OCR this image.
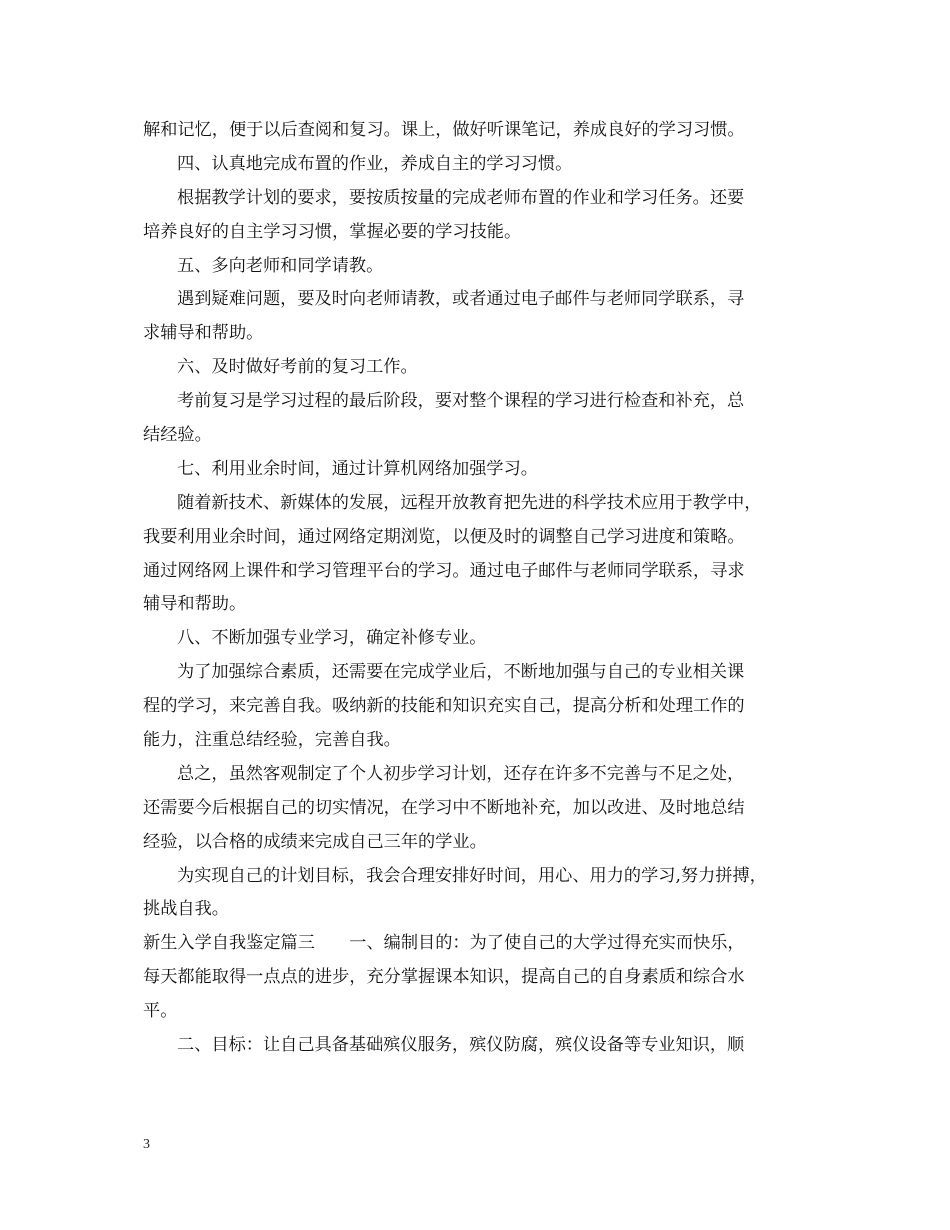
解和记忆，便于以后查阅和复习。课上，做好听课笔记，养成良好的学习习惯。

四、认真地完成布置的作业，养成自主的学习习惯。

根据教学计划的要求，要按质按量的完成老师布置的作业和学习任务。还要

培养良好的自主学习习惯，掌握必要的学习技能。

五、多向老师和同学请教。

遇到疑难问题，要及时向老师请教，或者通过电子邮件与老师同学联系，寻

求辅导和帮助。

六、及时做好考前的复习工作。

考前复习是学习过程的最后阶段，要对整个课程的学习进行检查和补充，总

结经验。

七、利用业余时间，通过计算机网络加强学习。

随着新技术、新媒体的发展，远程开放教育把先进的科学技术应用于教学中，

我要利用业余时间，通过网络定期浏览，以便及时的调整自己学习进度和策略。

通过网络网上课件和学习管理平台的学习。通过电子邮件与老师同学联系，寻求

辅导和帮助。

八、不断加强专业学习，确定补修专业。

为了加强综合素质，还需要在完成学业后，不断地加强与自己的专业相关课

程的学习，来完善自我。吸纳新的技能和知识充实自己，提高分析和处理工作的

能力，注重总结经验，完善自我。

总之，虽然客观制定了个人初步学习计划，还存在许多不完善与不足之处，

还需要今后根据自己的切实情况，在学习中不断地补充，加以改进、及时地总结

经验，以合格的成绩来完成自己三年的学业。

为实现自己的计划目标，我会合理安排好时间，用心、用力的学习,努力拼搏，

挑战自我。

新生入学自我鉴定篇三　　一、编制目的：为了使自己的大学过得充实而快乐，

每天都能取得一点点的进步，充分掌握课本知识，提高自己的自身素质和综合水

平。

二、目标：让自己具备基础殡仪服务，殡仪防腐，殡仪设备等专业知识，顺

3
